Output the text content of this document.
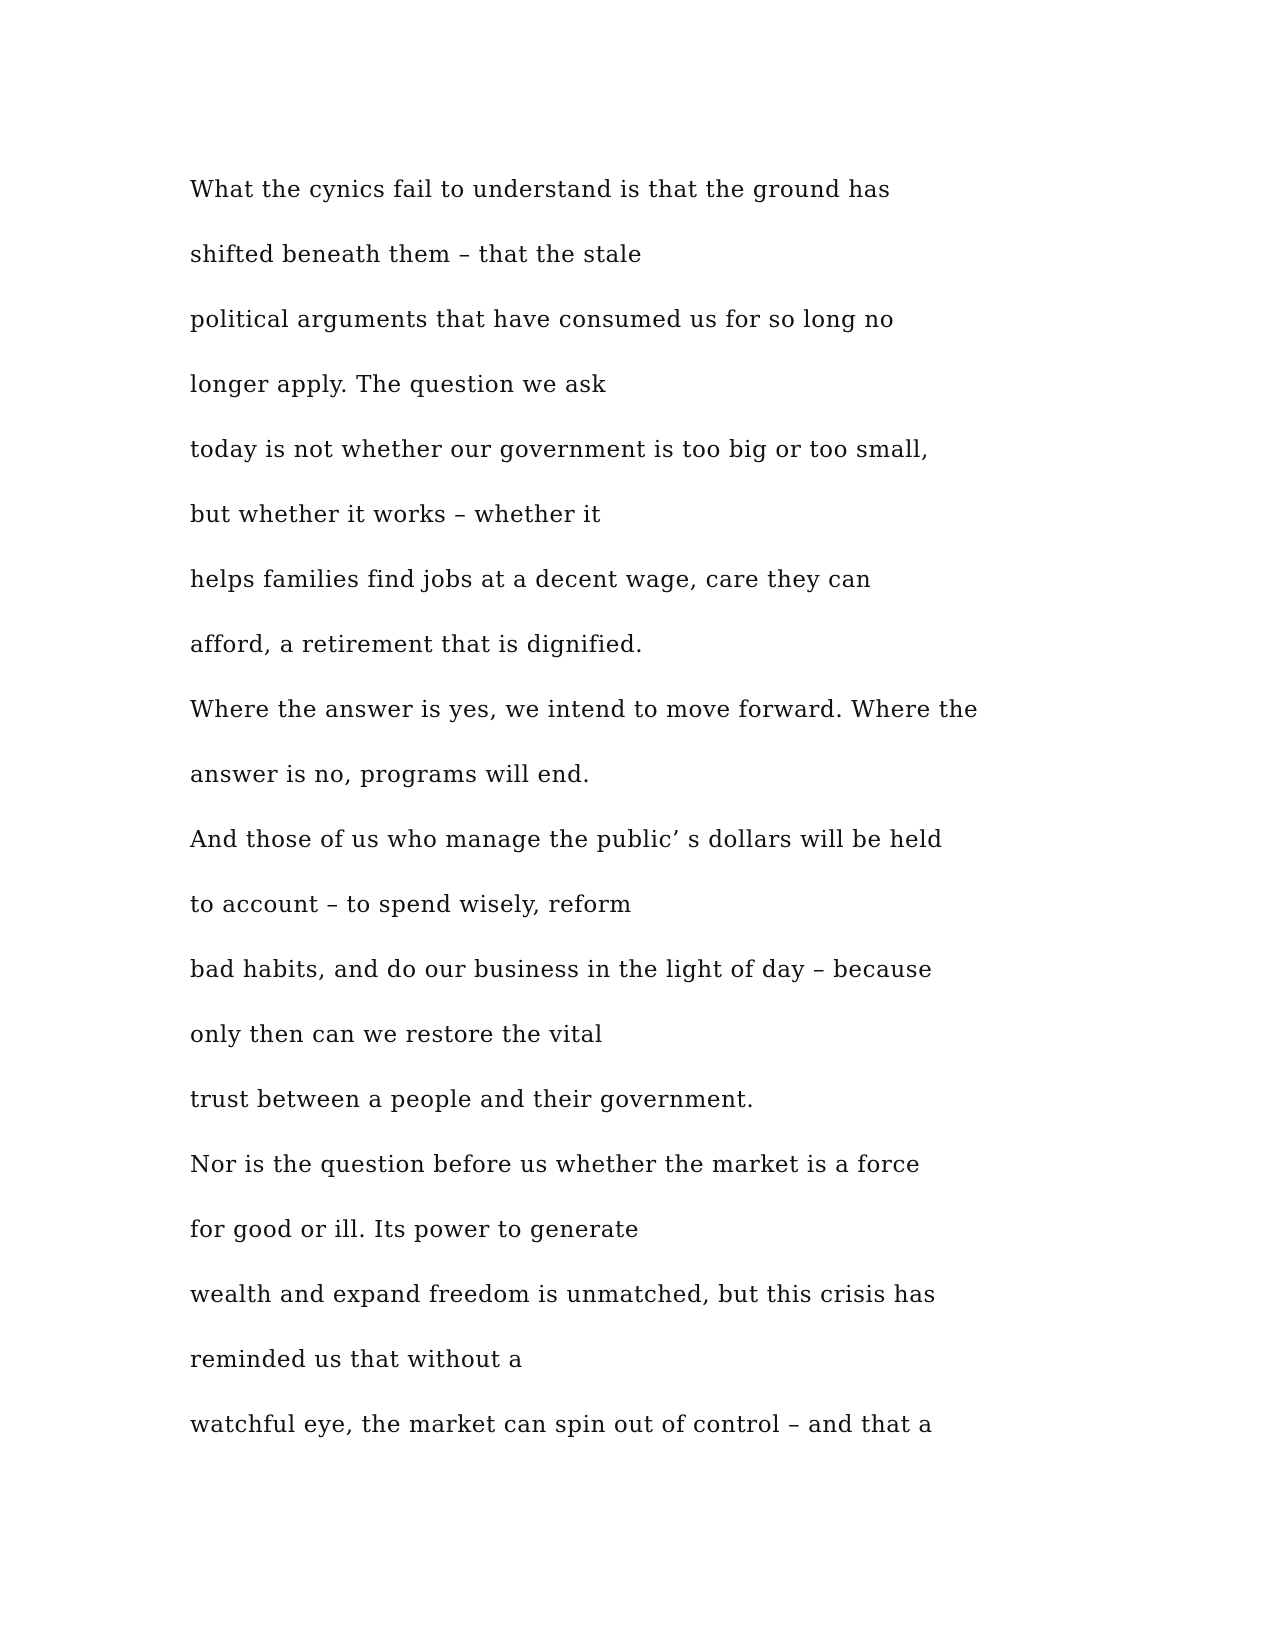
What the cynics fail to understand is that the ground has
shifted beneath them – that the stale
political arguments that have consumed us for so long no
longer apply. The question we ask
today is not whether our government is too big or too small,
but whether it works – whether it
helps families find jobs at a decent wage, care they can
afford, a retirement that is dignified.
Where the answer is yes, we intend to move forward. Where the
answer is no, programs will end.
And those of us who manage the public’ s dollars will be held
to account – to spend wisely, reform
bad habits, and do our business in the light of day – because
only then can we restore the vital
trust between a people and their government.
Nor is the question before us whether the market is a force
for good or ill. Its power to generate
wealth and expand freedom is unmatched, but this crisis has
reminded us that without a
watchful eye, the market can spin out of control – and that a
